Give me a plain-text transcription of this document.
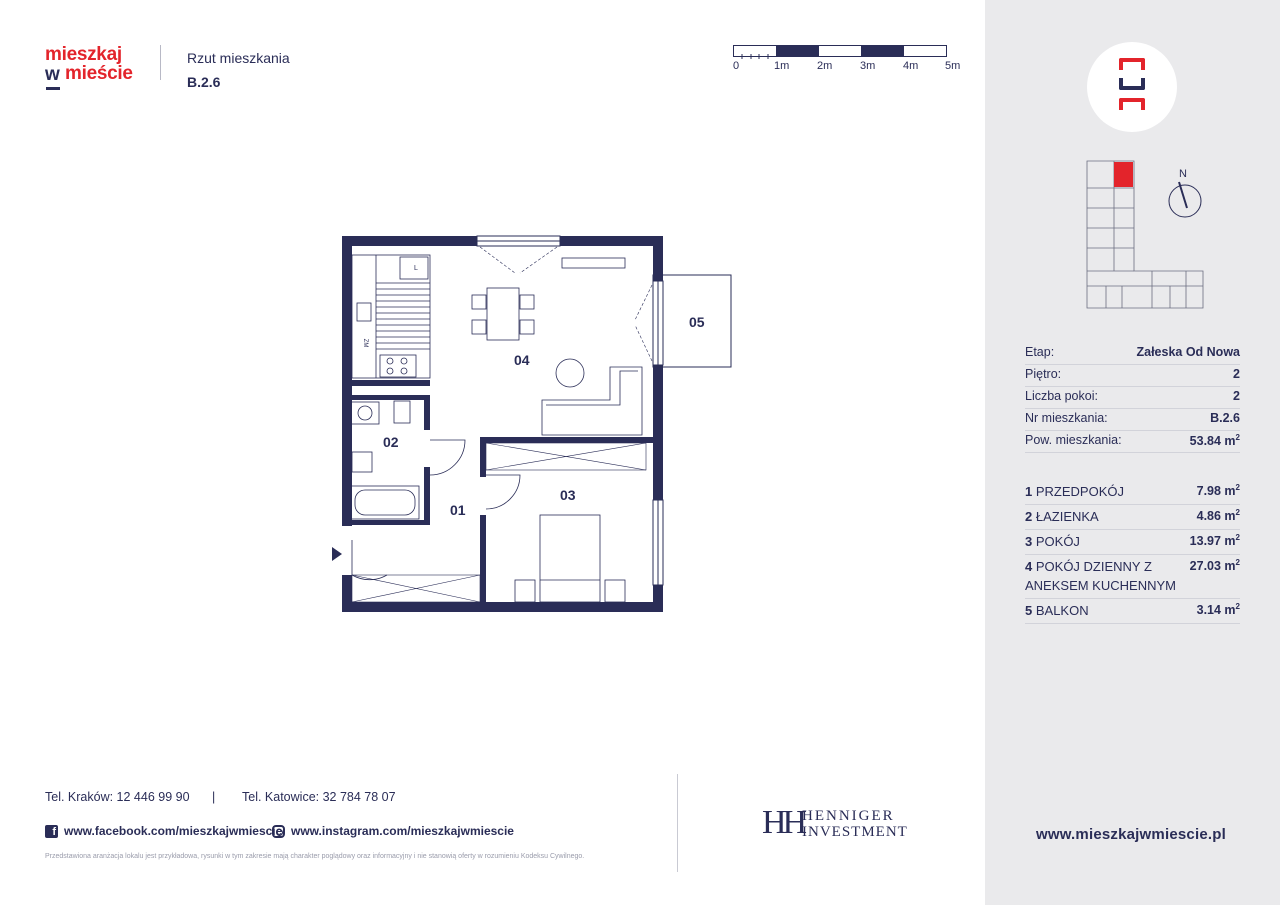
mieszkaj
w mieście
Rzut mieszkania
B.2.6
0	1m	2m	3m	4m 5m
L
ZM
02
01
03
04
05
Tel. Kraków: 12 446 99 90 | Tel. Katowice: 32 784 78 07
f www.facebook.com/mieszkajwmiescie www.instagram.com/mieszkajwmiescie
Przedstawiona aranżacja lokalu jest przykładowa, rysunki w tym zakresie mają charakter poglądowy oraz informacyjny i nie stanowią oferty w rozumieniu Kodeksu Cywilnego.
HH
HENNIGER
INVESTMENT
N
Etap:	Załeska Od Nowa
Piętro:	2
Liczba pokoi:	2
Nr mieszkania:	B.2.6
Pow. mieszkania:	53.84 $m^2$
1 PRZEDPOKÓJ	7.98 $m^2$
2 ŁAZIENKA	4.86 $m^2$
3 POKÓJ	13.97 $m^2$
4 POKÓJ DZIENNY Z ANEKSEM KUCHENNYM
27.03 $m^2$
5 BALKON	3.14 $m^2$
www.mieszkajwmiescie.pl
